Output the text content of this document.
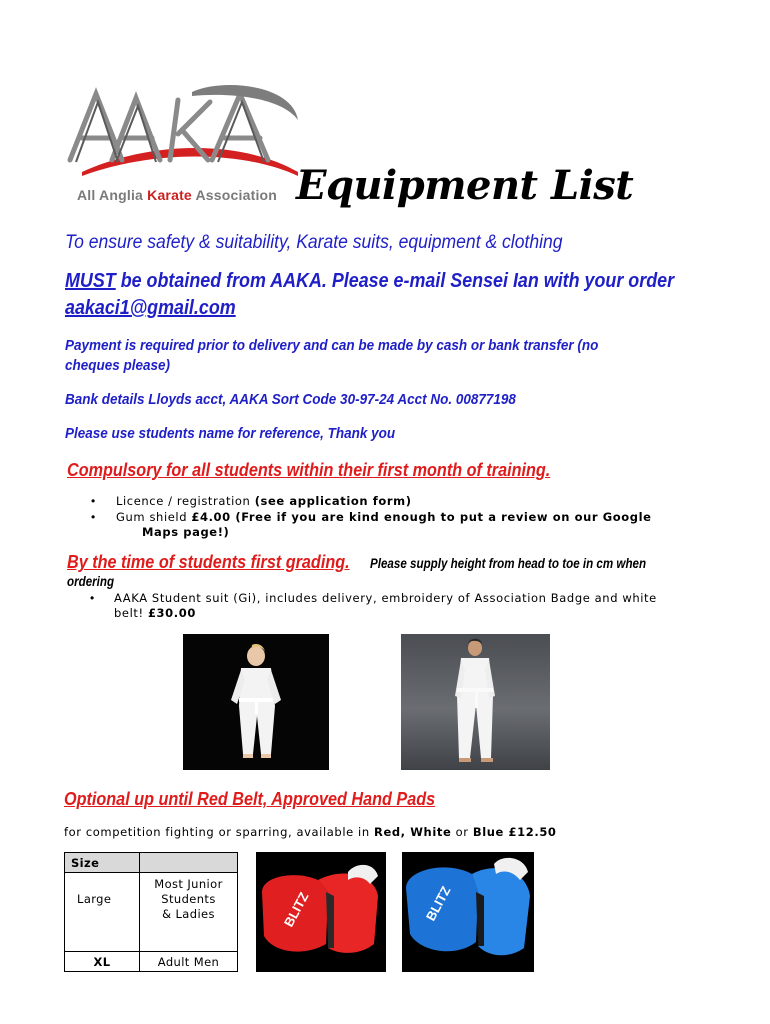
All Anglia Karate Association Equipment List
To ensure safety & suitability, Karate suits, equipment & clothing
MUST be obtained from AAKA. Please e-mail Sensei Ian with your order
aakaci1@gmail.com
Payment is required prior to delivery and can be made by cash or bank transfer (no
cheques please)
Bank details Lloyds acct, AAKA Sort Code 30-97-24 Acct No. 00877198
Please use students name for reference, Thank you
Compulsory for all students within their first month of training.
• Licence / registration (see application form)
• Gum shield £4.00 (Free if you are kind enough to put a review on our Google
Maps page!)
By the time of students first grading. Please supply height from head to toe in cm when
ordering
• AAKA Student suit (Gi), includes delivery, embroidery of Association Badge and white
belt! £30.00
Optional up until Red Belt, Approved Hand Pads
for competition fighting or sparring, available in Red, White or Blue £12.50
Size	
Large	Most Junior
Students
& Ladies

XL	Adult Men
BLITZ	BLITZ
